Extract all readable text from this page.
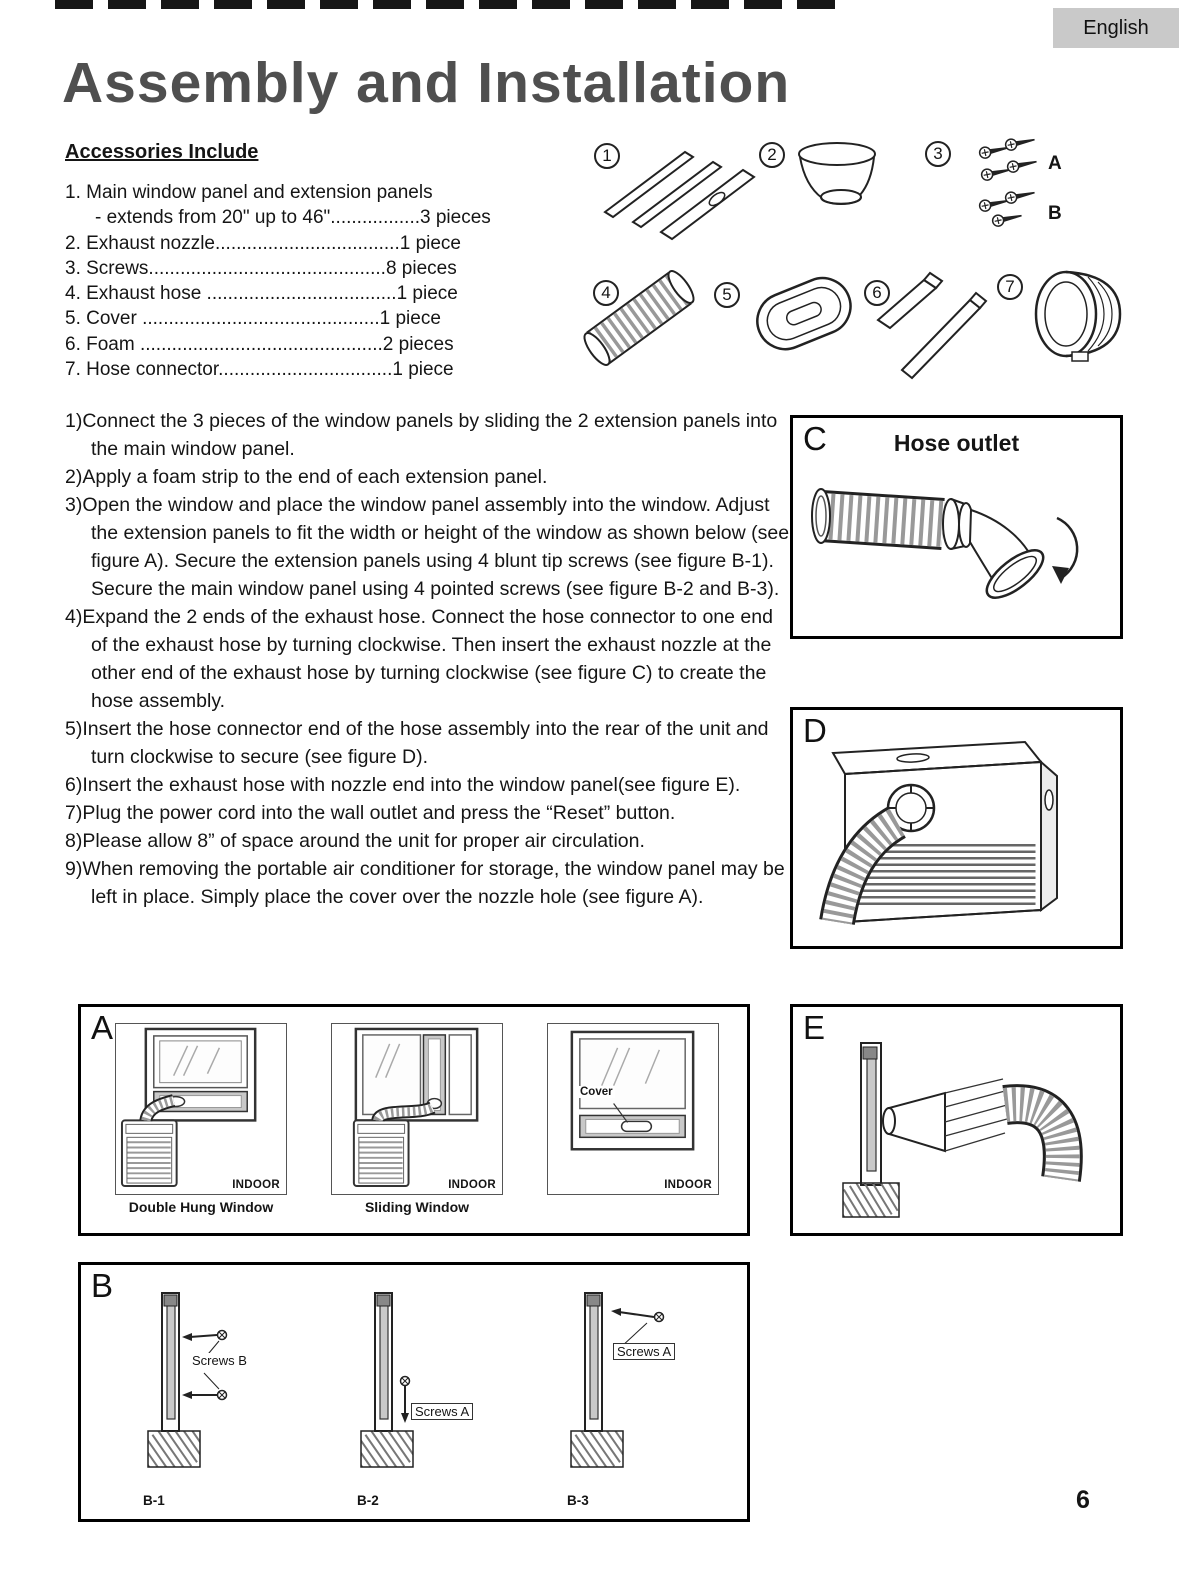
English
Assembly and Installation
Accessories Include
1. Main window panel and extension panels
- extends from 20" up to 46".................3 pieces
2. Exhaust nozzle...................................1 piece
3. Screws.............................................8 pieces
4. Exhaust hose ....................................1 piece
5. Cover .............................................1 piece
6. Foam ..............................................2 pieces
7. Hose connector.................................1 piece
1	2	3
4	5	6	7
A
B
1)Connect the 3 pieces of the window panels by sliding the 2 extension panels into the main window panel.
2)Apply a foam strip to the end of each extension panel.
3)Open the window and place the window panel assembly into the window. Adjust the extension panels to fit the width or height of the window as shown below (see figure A). Secure the extension panels using 4 blunt tip screws (see figure B-1). Secure the main window panel using 4 pointed screws (see figure B-2 and B-3).
4)Expand the 2 ends of the exhaust hose. Connect the hose connector to one end of the exhaust hose by turning clockwise. Then insert the exhaust nozzle at the other end of the exhaust hose by turning clockwise (see figure C) to create the hose assembly.
5)Insert the hose connector end of the hose assembly into the rear of the unit and turn clockwise to secure (see figure D).
6)Insert the exhaust hose with nozzle end into the window panel(see figure E).
7)Plug the power cord into the wall outlet and press the “Reset” button.
8)Please allow 8” of space around the unit for proper air circulation.
9)When removing the portable air conditioner for storage, the window panel may be left in place. Simply place the cover over the nozzle hole (see figure A).
C	Hose outlet
D
A
INDOOR	INDOOR
Cover
INDOOR
Double Hung Window	Sliding Window
E
B
Screws B
Screws A
Screws A
B-1	B-2	B-3	6
